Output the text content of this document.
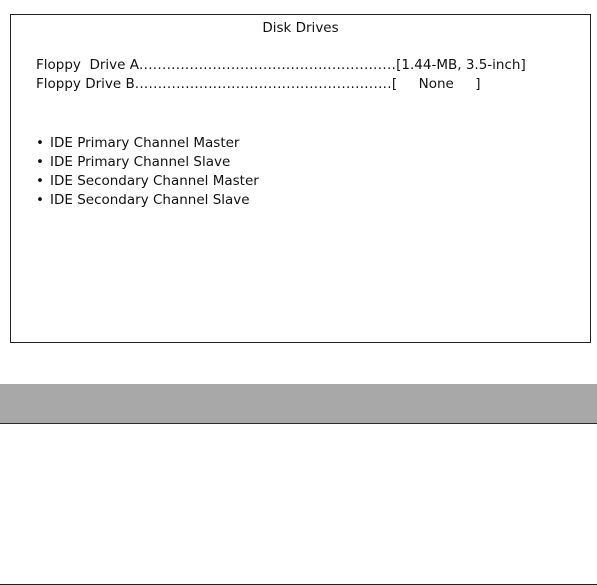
Disk Drives
Floppy  Drive A........................................................[1.44-MB, 3.5-inch]
Floppy Drive B........................................................[     None     ]
• IDE Primary Channel Master
• IDE Primary Channel Slave
• IDE Secondary Channel Master
• IDE Secondary Channel Slave
